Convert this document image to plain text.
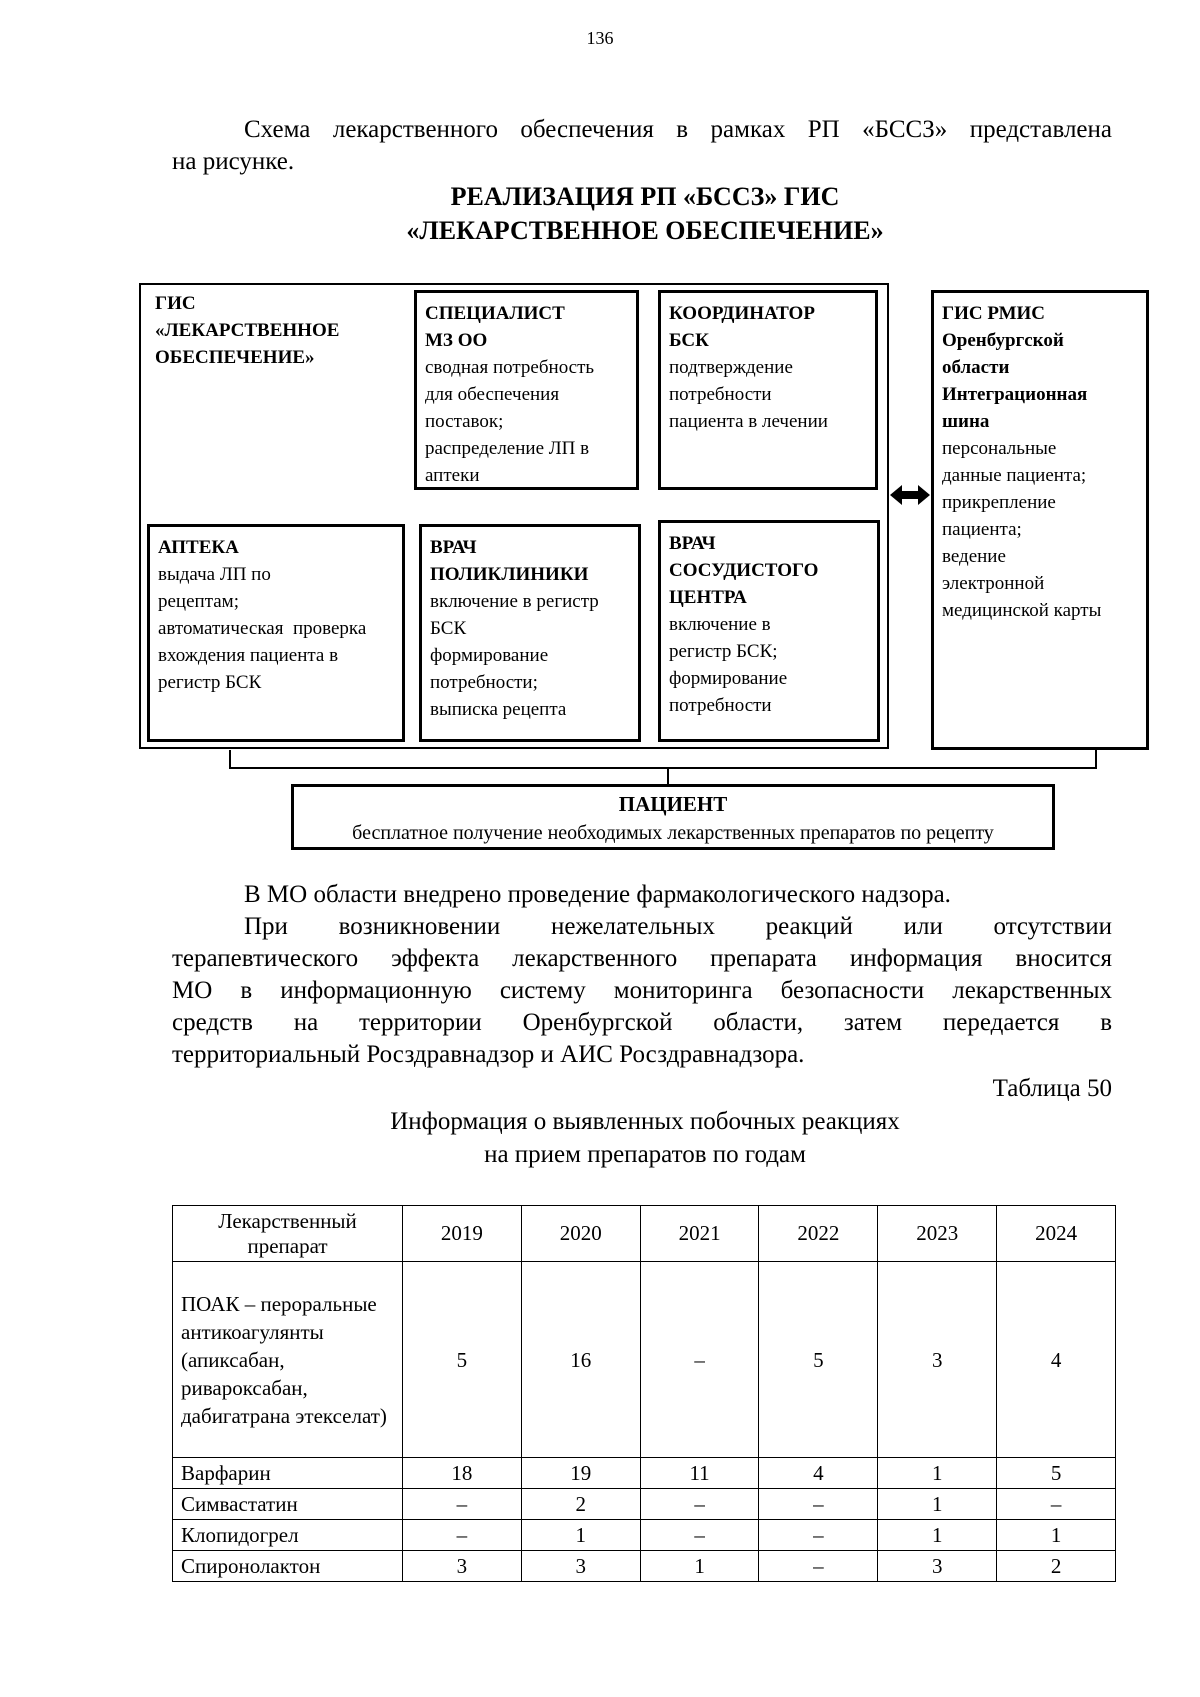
136
Схема лекарственного обеспечения в рамках РП «БССЗ» представлена
на рисунке.
РЕАЛИЗАЦИЯ РП «БССЗ» ГИС
«ЛЕКАРСТВЕННОЕ ОБЕСПЕЧЕНИЕ»
ГИС
«ЛЕКАРСТВЕННОЕ
ОБЕСПЕЧЕНИЕ»
СПЕЦИАЛИСТ
МЗ ОО
сводная потребность
для обеспечения
поставок;
распределение ЛП в
аптеки
КООРДИНАТОР
БСК
подтверждение
потребности
пациента в лечении
АПТЕКА
выдача ЛП по
рецептам;
автоматическая  проверка
вхождения пациента в
регистр БСК
ВРАЧ
ПОЛИКЛИНИКИ
включение в регистр
БСК
формирование
потребности;
выписка рецепта
ВРАЧ
СОСУДИСТОГО
ЦЕНТРА
включение в
регистр БСК;
формирование
потребности
ГИС РМИС
Оренбургской
области
Интеграционная
шина
персональные
данные пациента;
прикрепление
пациента;
ведение
электронной
медицинской карты
ПАЦИЕНТ
бесплатное получение необходимых лекарственных препаратов по рецепту
В МО области внедрено проведение фармакологического надзора.
При возникновении нежелательных реакций или отсутствии
терапевтического эффекта лекарственного препарата информация вносится
МО в информационную систему мониторинга безопасности лекарственных
средств на территории Оренбургской области, затем передается в
территориальный Росздравнадзор и АИС Росздравнадзора.
Таблица 50
Информация о выявленных побочных реакциях
на прием препаратов по годам
Лекарственный препарат	2019	2020	2021	2022	2023	2024
ПОАК – пероральные антикоагулянты (апиксабан, ривароксабан, дабигатрана этекселат)	5	16	–	5	3	4
Варфарин	18	19	11	4	1	5
Симвастатин	–	2	–	–	1	–
Клопидогрел	–	1	–	–	1	1
Спиронолактон	3	3	1	–	3	2
